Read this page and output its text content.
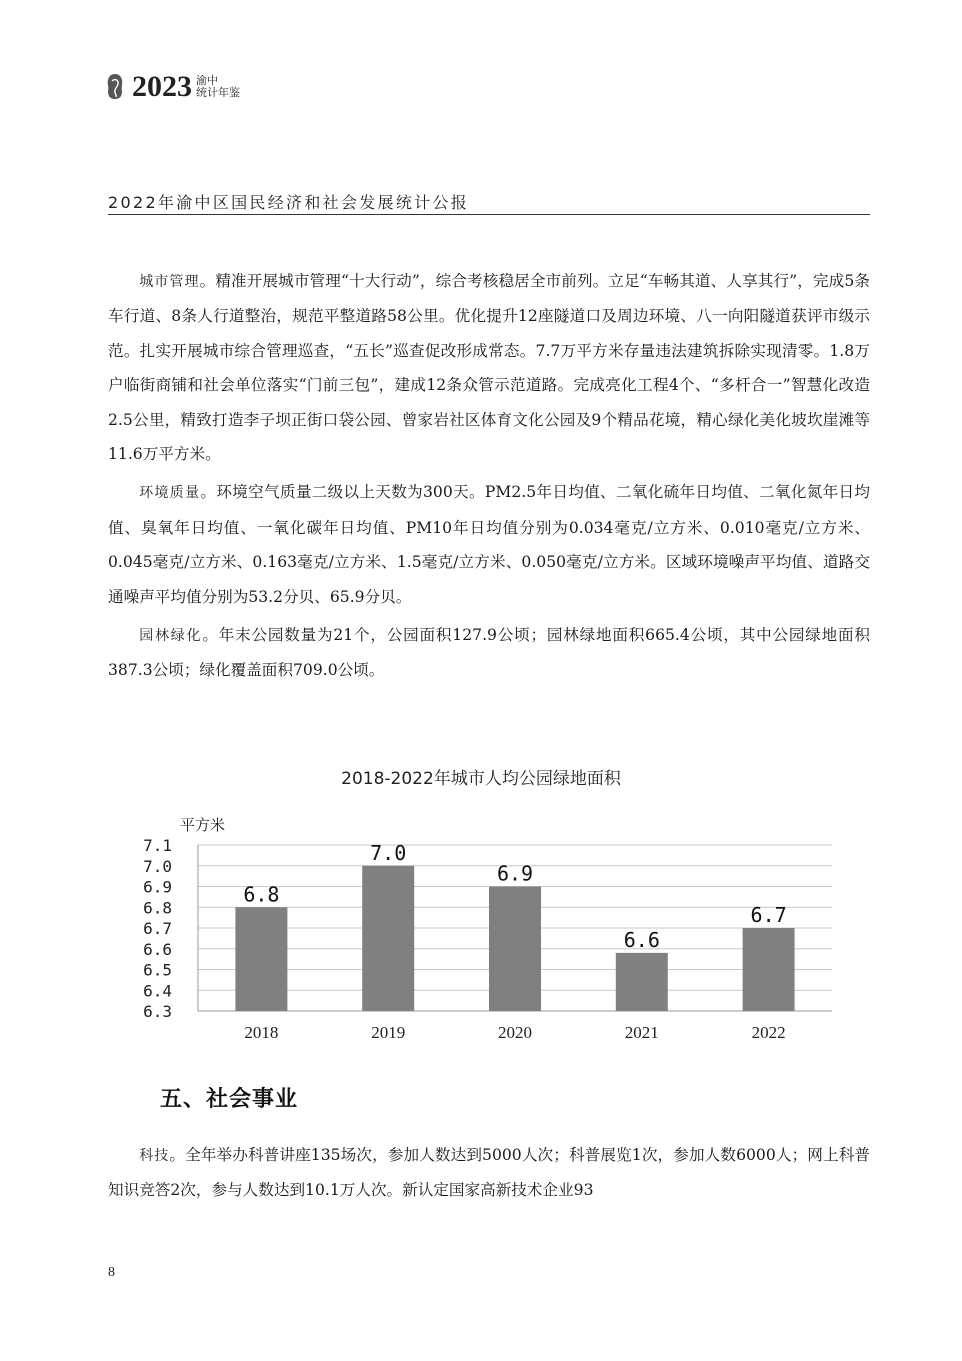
2023 渝中
统计年鉴
2022年渝中区国民经济和社会发展统计公报

城市管理。精准开展城市管理“十大行动”，综合考核稳居全市前列。立足“车畅其道、人享其行”，完成5条车行道、8条人行道整治，规范平整道路58公里。优化提升12座隧道口及周边环境、八一向阳隧道获评市级示范。扎实开展城市综合管理巡查，“五长”巡查促改形成常态。7.7万平方米存量违法建筑拆除实现清零。1.8万户临街商铺和社会单位落实“门前三包”，建成12条众管示范道路。完成亮化工程4个、“多杆合一”智慧化改造2.5公里，精致打造李子坝正街口袋公园、曾家岩社区体育文化公园及9个精品花境，精心绿化美化坡坎崖滩等11.6万平方米。

环境质量。环境空气质量二级以上天数为300天。PM2.5年日均值、二氧化硫年日均值、二氧化氮年日均值、臭氧年日均值、一氧化碳年日均值、PM10年日均值分别为0.034毫克/立方米、0.010毫克/立方米、0.045毫克/立方米、0.163毫克/立方米、1.5毫克/立方米、0.050毫克/立方米。区域环境噪声平均值、道路交通噪声平均值分别为53.2分贝、65.9分贝。

园林绿化。年末公园数量为21个，公园面积127.9公顷；园林绿地面积665.4公顷，其中公园绿地面积387.3公顷；绿化覆盖面积709.0公顷。

2018-2022年城市人均公园绿地面积
6.3
6.4
6.5
6.6
6.7
6.8
6.9
7.0
7.1
平方米
6.8
2018
7.0
2019
6.9
2020
6.6
2021
6.7
2022
五、社会事业

科技。全年举办科普讲座135场次，参加人数达到5000人次；科普展览1次，参加人数6000人；网上科普知识竞答2次，参与人数达到10.1万人次。新认定国家高新技术企业93

8
